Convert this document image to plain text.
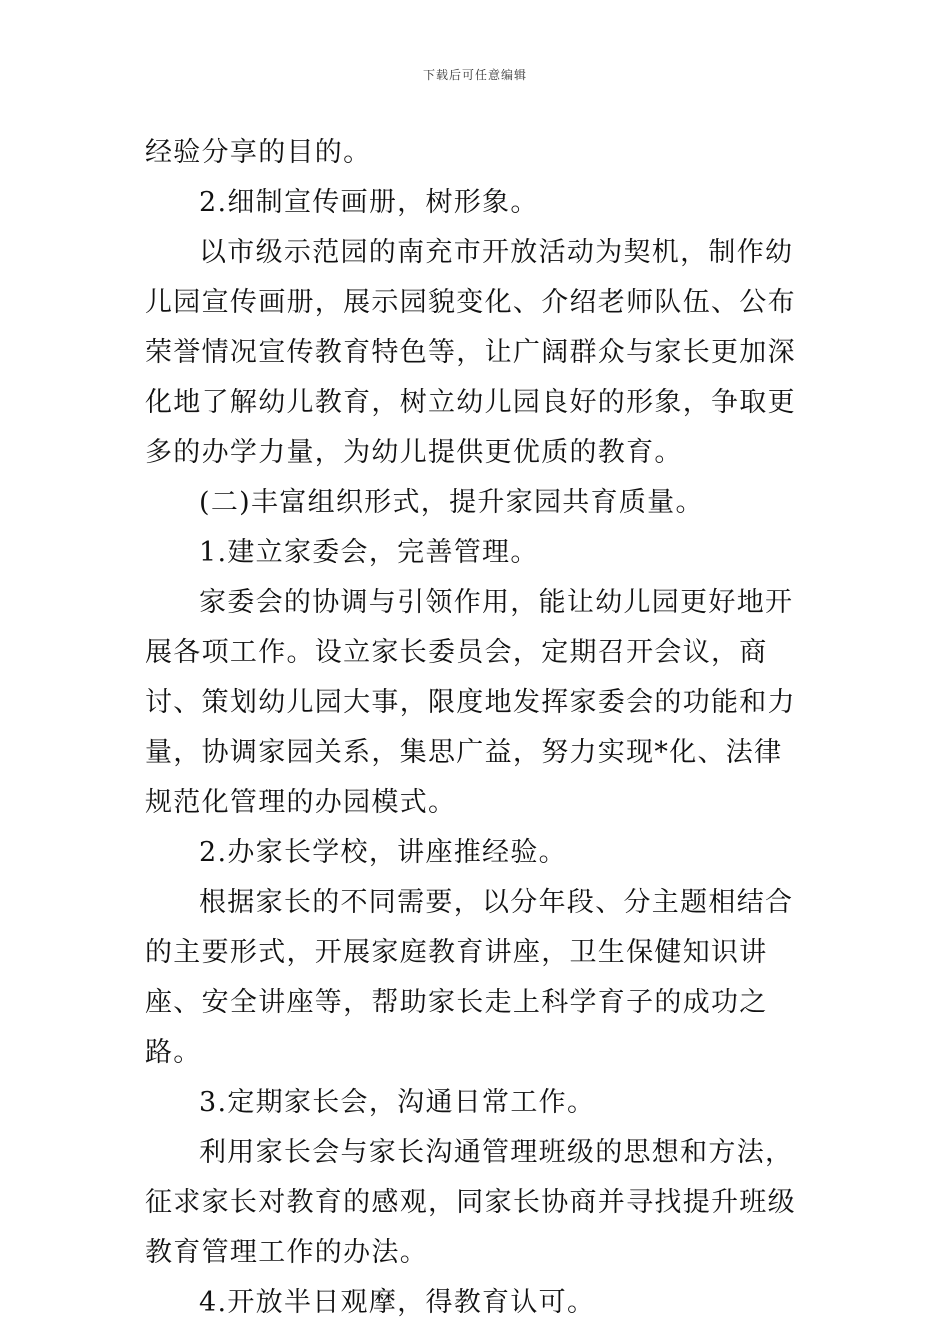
下载后可任意编辑

经验分享的目的。

2.细制宣传画册，树形象。

以市级示范园的南充市开放活动为契机，制作幼儿园宣传画册，展示园貌变化、介绍老师队伍、公布荣誉情况宣传教育特色等，让广阔群众与家长更加深化地了解幼儿教育，树立幼儿园良好的形象，争取更多的办学力量，为幼儿提供更优质的教育。

(二)丰富组织形式，提升家园共育质量。

1.建立家委会，完善管理。

家委会的协调与引领作用，能让幼儿园更好地开展各项工作。设立家长委员会，定期召开会议，商讨、策划幼儿园大事，限度地发挥家委会的功能和力量，协调家园关系，集思广益，努力实现*化、法律规范化管理的办园模式。

2.办家长学校，讲座推经验。

根据家长的不同需要，以分年段、分主题相结合的主要形式，开展家庭教育讲座，卫生保健知识讲座、安全讲座等，帮助家长走上科学育子的成功之路。

3.定期家长会，沟通日常工作。

利用家长会与家长沟通管理班级的思想和方法，征求家长对教育的感观，同家长协商并寻找提升班级教育管理工作的办法。

4.开放半日观摩，得教育认可。
